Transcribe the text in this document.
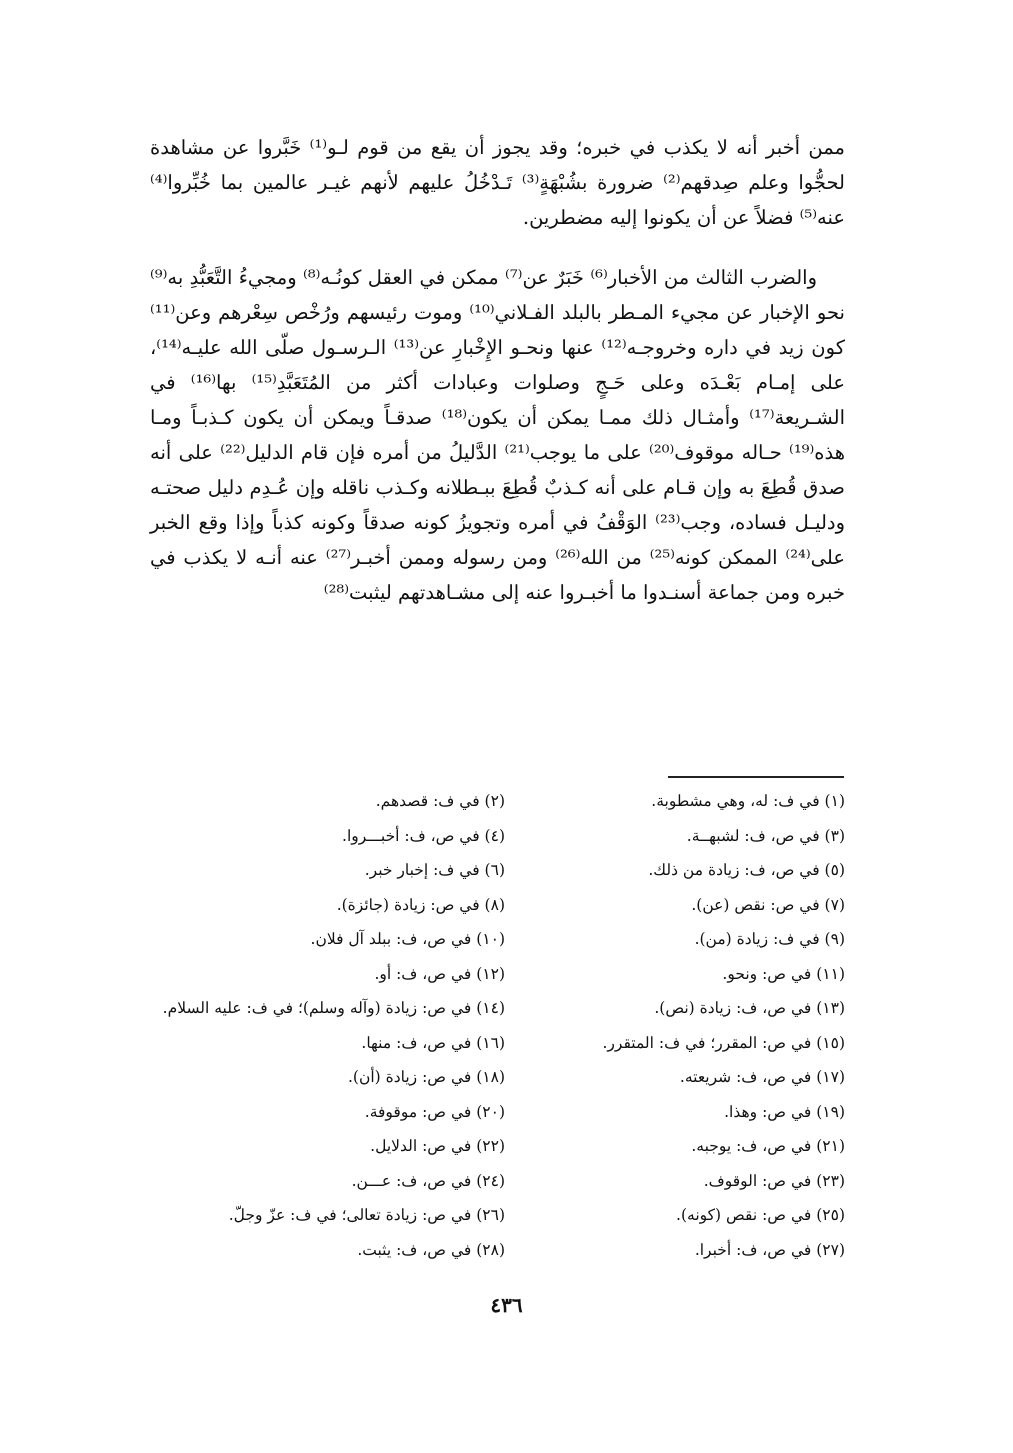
ممن أخبر أنه لا يكذب في خبره؛ وقد يجوز أن يقع من قوم لـو⁽¹⁾ خَبَّروا عن مشاهدة لحجُّوا وعلم صِدقهم⁽²⁾ ضرورة بشُبْهَةٍ⁽³⁾ تَـدْخُلُ عليهم لأنهم غيـر عالمين بما خُبِّروا⁽⁴⁾ عنه⁽⁵⁾ فضلاً عن أن يكونوا إليه مضطرين.

والضرب الثالث من الأخبار⁽⁶⁾ خَبَرٌ عن⁽⁷⁾ ممكن في العقل كونُـه⁽⁸⁾ ومجيءُ التَّعَبُّدِ به⁽⁹⁾ نحو الإخبار عن مجيء المـطر بالبلد الفـلاني⁽¹⁰⁾ وموت رئيسهم ورُخْص سِعْرهم وعن⁽¹¹⁾ كون زيد في داره وخروجـه⁽¹²⁾ عنها ونحـو الإِخْبارِ عن⁽¹³⁾ الـرسـول صلّى الله عليـه⁽¹⁴⁾، على إمـام بَعْـدَه وعلى حَـجٍ وصلوات وعبادات أكثر من المُتَعَبَّدِ⁽¹⁵⁾ بها⁽¹⁶⁾ في الشـريعة⁽¹⁷⁾ وأمثـال ذلك ممـا يمكن أن يكون⁽¹⁸⁾ صدقـاً ويمكن أن يكون كـذبـاً ومـا هذه⁽¹⁹⁾ حـاله موقوف⁽²⁰⁾ على ما يوجب⁽²¹⁾ الدَّليلُ من أمره فإن قام الدليل⁽²²⁾ على أنه صدق قُطِعَ به وإن قـام على أنه كـذبٌ قُطِعَ ببـطلانه وكـذب ناقله وإن عُـدِم دليل صحتـه ودليـل فساده، وجب⁽²³⁾ الوَقْفُ في أمره وتجويزُ كونه صدقاً وكونه كذباً وإذا وقع الخبر على⁽²⁴⁾ الممكن كونه⁽²⁵⁾ من الله⁽²⁶⁾ ومن رسوله وممن أخبـر⁽²⁷⁾ عنه أنـه لا يكذب في خبره ومن جماعة أسنـدوا ما أخبـروا عنه إلى مشـاهدتهم ليثبت⁽²⁸⁾

(١) في ف: له، وهي مشطوبة.
(٢) في ف: قصدهم.
(٣) في ص، ف: لشبهــة.
(٤) في ص، ف: أخبـــروا.
(٥) في ص، ف: زيادة من ذلك.
(٦) في ف: إخبار خبر.
(٧) في ص: نقص (عن).
(٨) في ص: زيادة (جائزة).
(٩) في ف: زيادة (من).
(١٠) في ص، ف: ببلد آل فلان.
(١١) في ص: ونحو.
(١٢) في ص، ف: أو.
(١٣) في ص، ف: زيادة (نص).
(١٤) في ص: زيادة (وآله وسلم)؛ في ف: عليه السلام.
(١٥) في ص: المقرر؛ في ف: المتقرر.
(١٦) في ص، ف: منها.
(١٧) في ص، ف: شريعته.
(١٨) في ص: زيادة (أن).
(١٩) في ص: وهذا.
(٢٠) في ص: موقوفة.
(٢١) في ص، ف: يوجبه.
(٢٢) في ص: الدلايل.
(٢٣) في ص: الوقوف.
(٢٤) في ص، ف: عـــن.
(٢٥) في ص: نقص (كونه).
(٢٦) في ص: زيادة تعالى؛ في ف: عزّ وجلّ.
(٢٧) في ص، ف: أخبرا.
(٢٨) في ص، ف: يثبت.
٤٣٦
